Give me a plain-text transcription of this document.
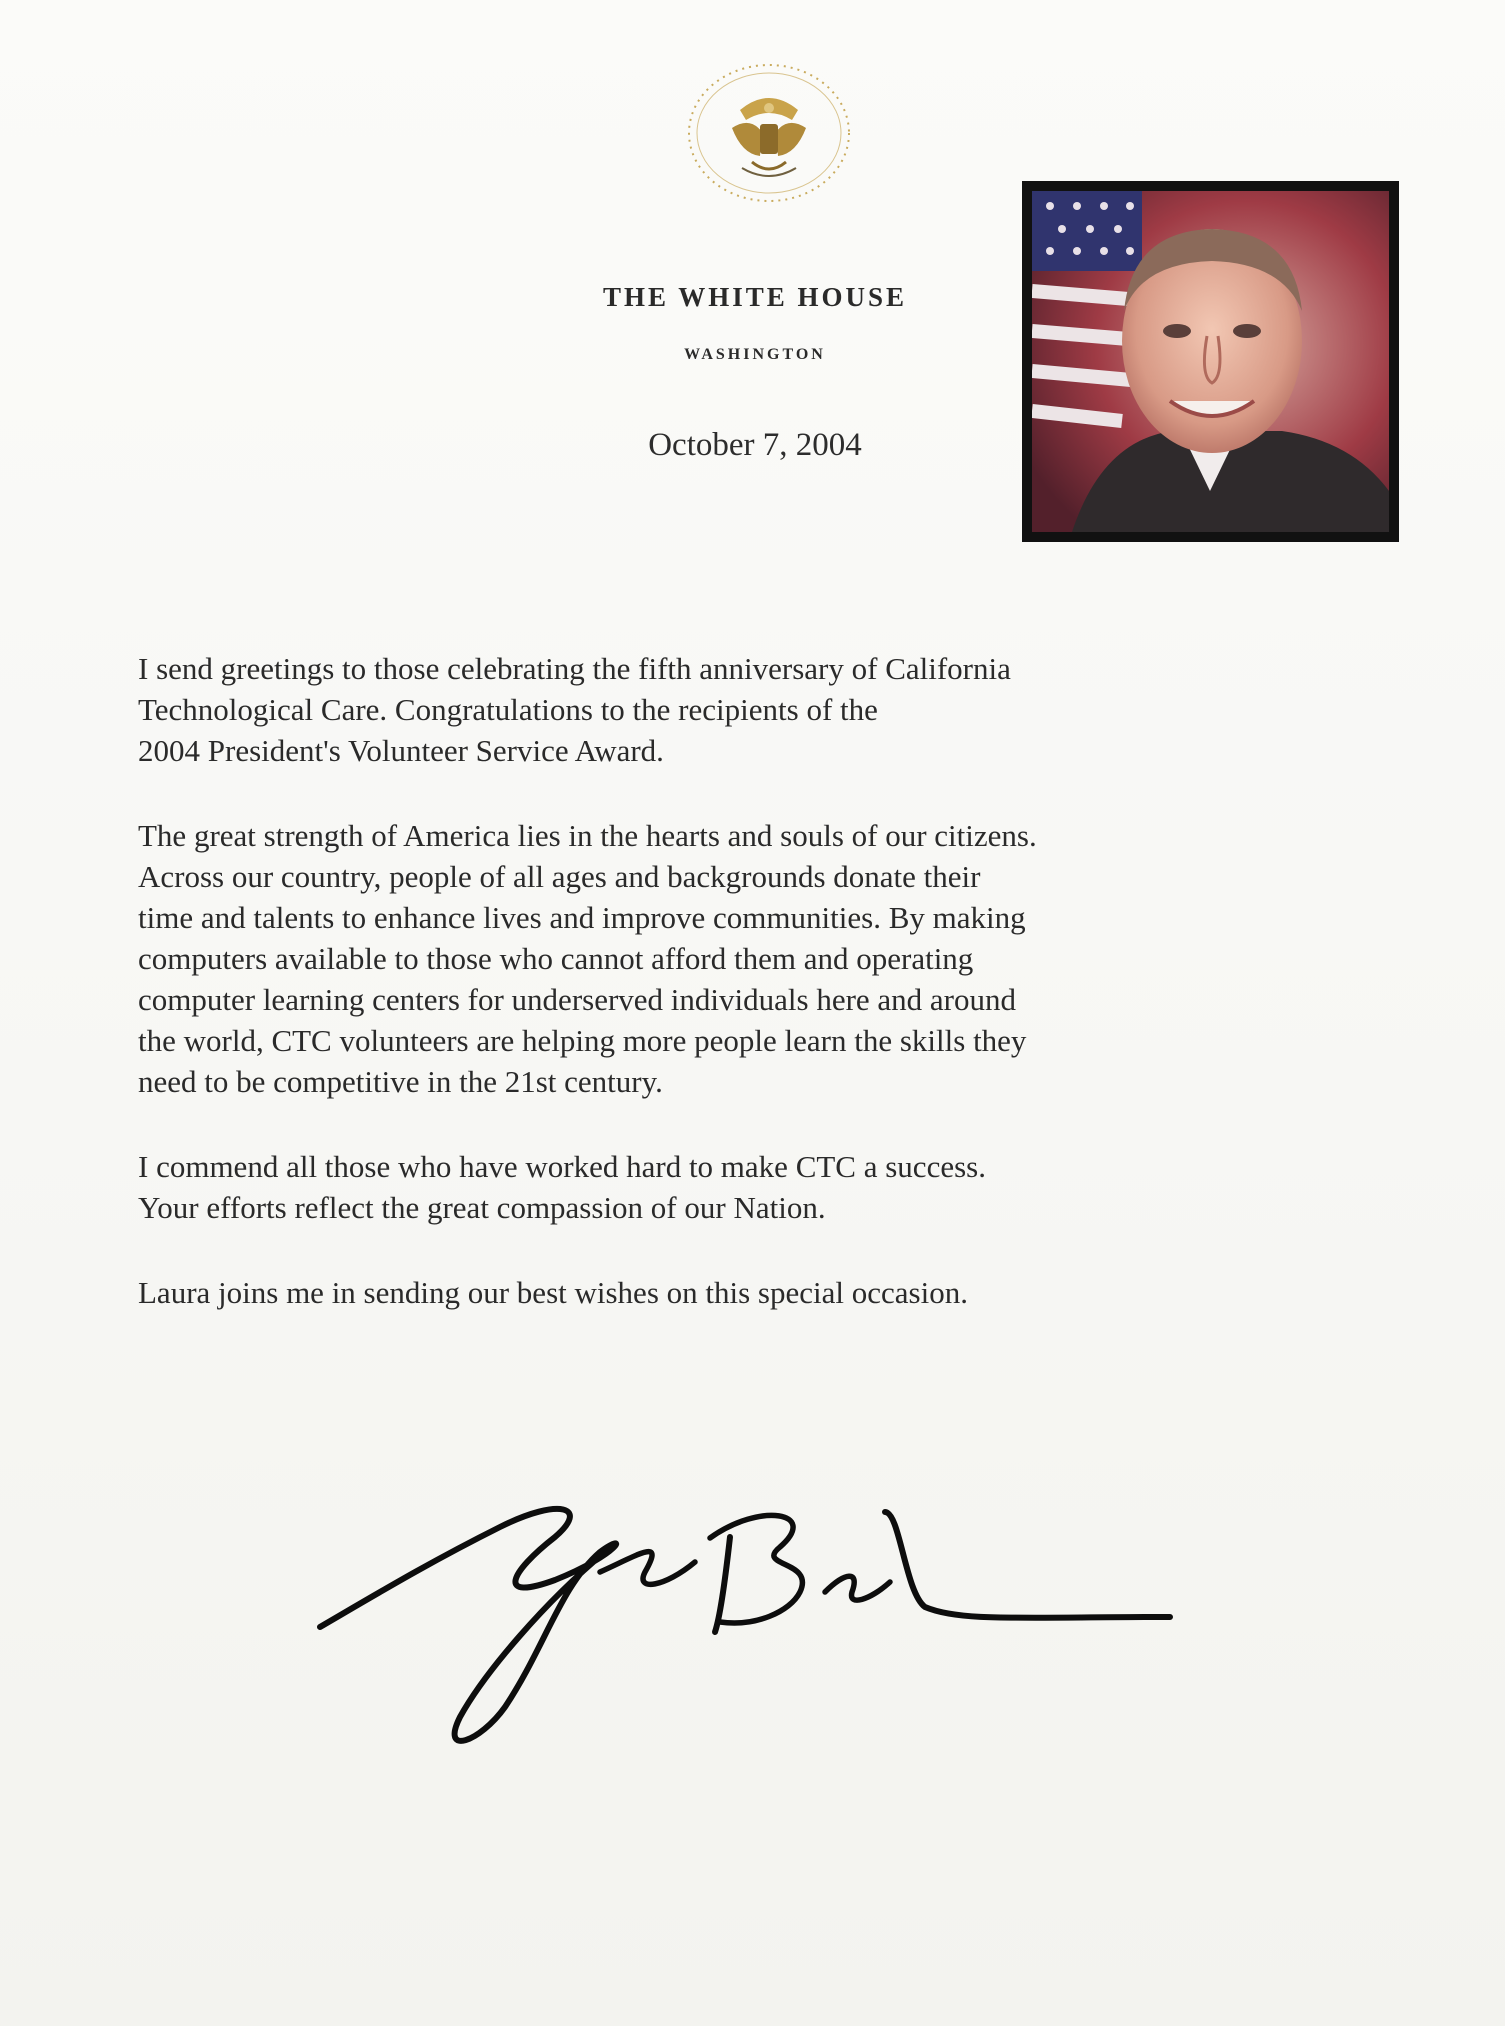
THE WHITE HOUSE
WASHINGTON
October 7, 2004

I send greetings to those celebrating the fifth anniversary of California
Technological Care. Congratulations to the recipients of the
2004 President's Volunteer Service Award.

The great strength of America lies in the hearts and souls of our citizens.
Across our country, people of all ages and backgrounds donate their
time and talents to enhance lives and improve communities. By making
computers available to those who cannot afford them and operating
computer learning centers for underserved individuals here and around
the world, CTC volunteers are helping more people learn the skills they
need to be competitive in the 21st century.

I commend all those who have worked hard to make CTC a success.
Your efforts reflect the great compassion of our Nation.

Laura joins me in sending our best wishes on this special occasion.
